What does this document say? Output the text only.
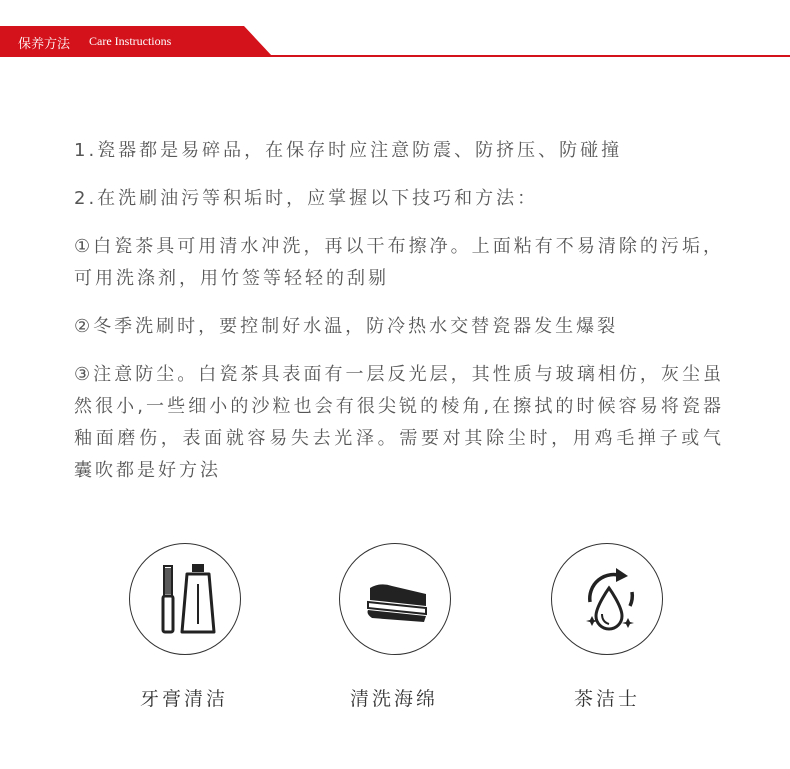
保养方法 Care Instructions

1.瓷器都是易碎品，在保存时应注意防震、防挤压、防碰撞

2.在洗刷油污等积垢时，应掌握以下技巧和方法：

①白瓷茶具可用清水冲洗，再以干布擦净。上面粘有不易清除的污垢，可用洗涤剂，用竹签等轻轻的刮剔

②冬季洗刷时，要控制好水温，防冷热水交替瓷器发生爆裂

③注意防尘。白瓷茶具表面有一层反光层，其性质与玻璃相仿，灰尘虽然很小,一些细小的沙粒也会有很尖锐的棱角,在擦拭的时候容易将瓷器釉面磨伤，表面就容易失去光泽。需要对其除尘时，用鸡毛掸子或气囊吹都是好方法

牙膏清洁	清洗海绵	茶洁士
